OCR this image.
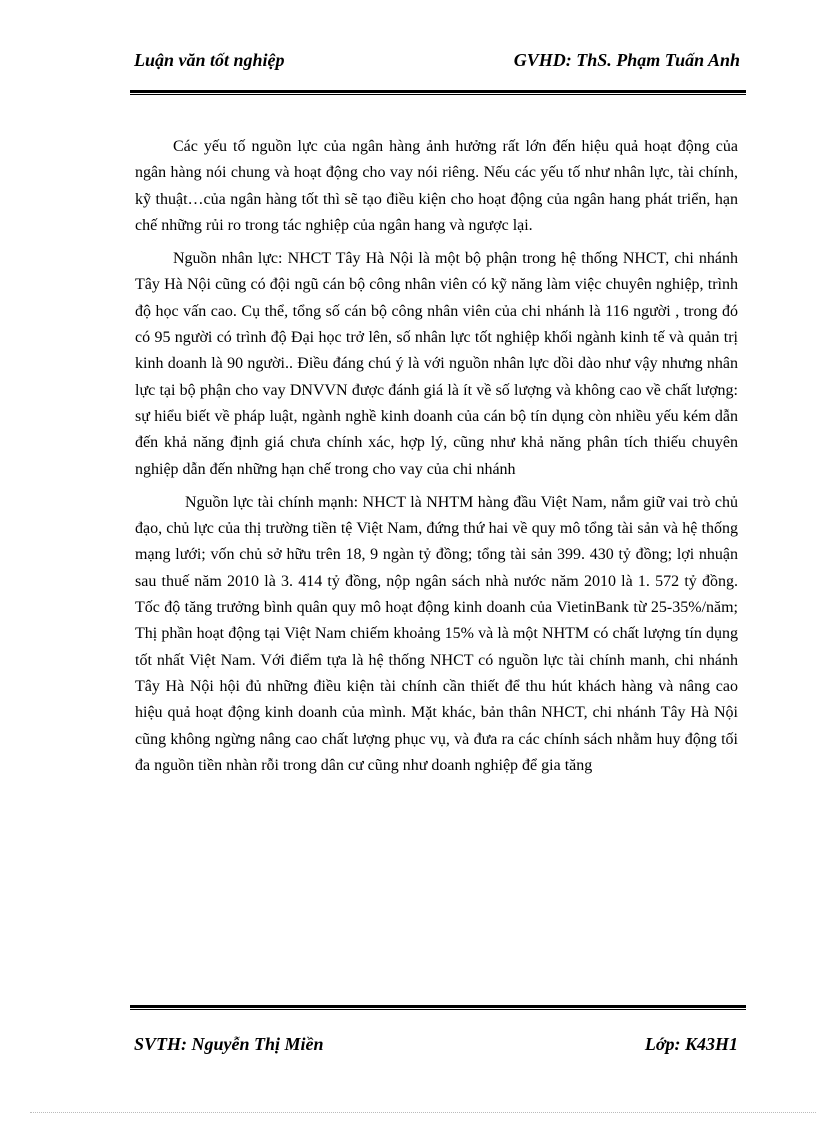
Luận văn tốt nghiệp	GVHD: ThS. Phạm Tuấn Anh

Các yếu tố nguồn lực của ngân hàng ảnh hưởng rất lớn đến hiệu quả hoạt động của ngân hàng nói chung và hoạt động cho vay nói riêng. Nếu các yếu tố như nhân lực, tài chính, kỹ thuật…của ngân hàng tốt thì sẽ tạo điều kiện cho hoạt động của ngân hang phát triển, hạn chế những rủi ro trong tác nghiệp của ngân hang và ngược lại.

Nguồn nhân lực: NHCT Tây Hà Nội là một bộ phận trong hệ thống NHCT, chi nhánh Tây Hà Nội cũng có đội ngũ cán bộ công nhân viên có kỹ năng làm việc chuyên nghiệp, trình độ học vấn cao. Cụ thể, tổng số cán bộ công nhân viên của chi nhánh là 116 người , trong đó có 95 người có trình độ Đại học trở lên, số nhân lực tốt nghiệp khối ngành kinh tế và quản trị kinh doanh là 90 người.. Điều đáng chú ý là với nguồn nhân lực dồi dào như vậy nhưng nhân lực tại bộ phận cho vay DNVVN được đánh giá là ít về số lượng và không cao về chất lượng: sự hiểu biết về pháp luật, ngành nghề kinh doanh của cán bộ tín dụng còn nhiều yếu kém dẫn đến khả năng định giá chưa chính xác, hợp lý, cũng như khả năng phân tích thiếu chuyên nghiệp dẫn đến những hạn chế trong cho vay của chi nhánh

Nguồn lực tài chính mạnh: NHCT là NHTM hàng đầu Việt Nam, nắm giữ vai trò chủ đạo, chủ lực của thị trường tiền tệ Việt Nam, đứng thứ hai về quy mô tổng tài sản và hệ thống mạng lưới; vốn chủ sở hữu trên 18, 9 ngàn tỷ đồng; tổng tài sản 399. 430 tỷ đồng; lợi nhuận sau thuế năm 2010 là 3. 414 tỷ đồng, nộp ngân sách nhà nước năm 2010 là 1. 572 tỷ đồng. Tốc độ tăng trưởng bình quân quy mô hoạt động kinh doanh của VietinBank từ 25-35%/năm; Thị phần hoạt động tại Việt Nam chiếm khoảng 15% và là một NHTM có chất lượng tín dụng tốt nhất Việt Nam. Với điểm tựa là hệ thống NHCT có nguồn lực tài chính manh, chi nhánh Tây Hà Nội hội đủ những điều kiện tài chính cần thiết để thu hút khách hàng và nâng cao hiệu quả hoạt động kinh doanh của mình. Mặt khác, bản thân NHCT, chi nhánh Tây Hà Nội cũng không ngừng nâng cao chất lượng phục vụ, và đưa ra các chính sách nhằm huy động tối đa nguồn tiền nhàn rỗi trong dân cư cũng như doanh nghiệp để gia tăng

SVTH: Nguyễn Thị Miền	Lớp: K43H1
